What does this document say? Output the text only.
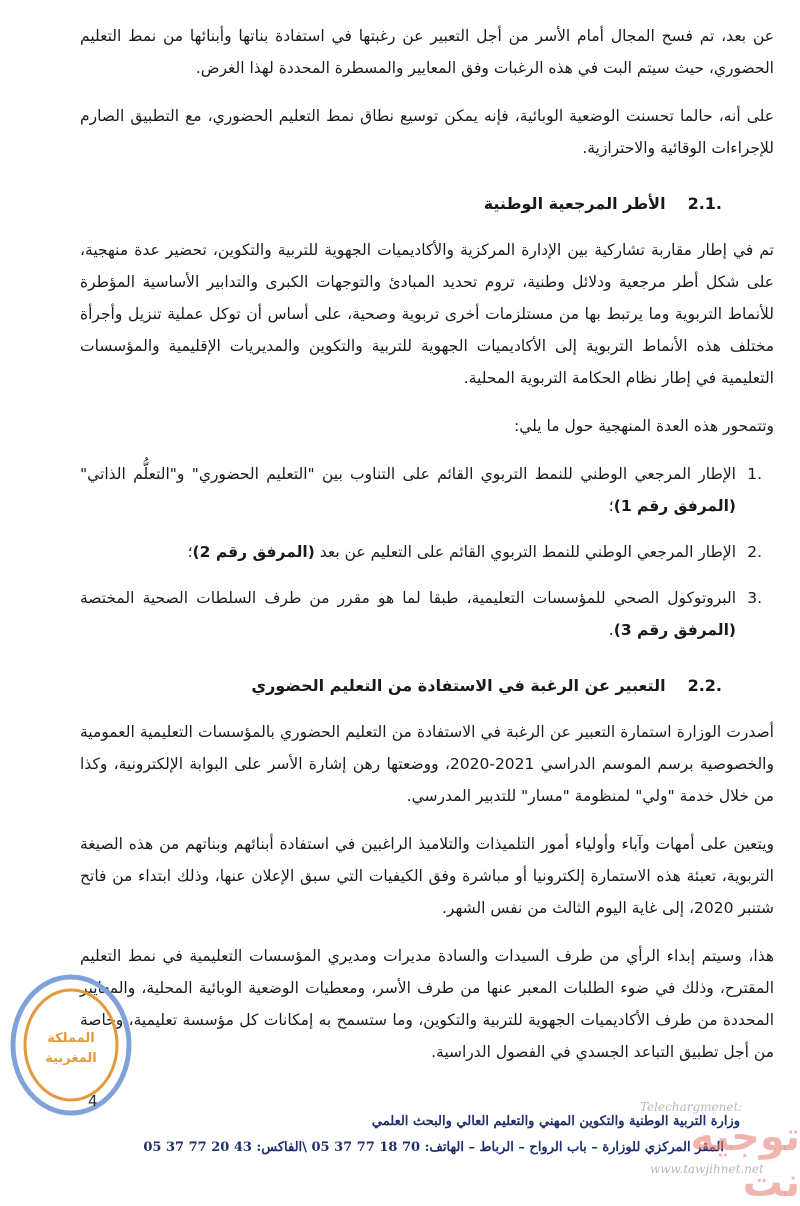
عن بعد، تم فسح المجال أمام الأسر من أجل التعبير عن رغبتها في استفادة بناتها وأبنائها من نمط التعليم الحضوري، حيث سيتم البت في هذه الرغبات وفق المعايير والمسطرة المحددة لهذا الغرض.

على أنه، حالما تحسنت الوضعية الوبائية، فإنه يمكن توسيع نطاق نمط التعليم الحضوري، مع التطبيق الصارم للإجراءات الوقائية والاحترازية.

.2.1
الأطر المرجعية الوطنية

تم في إطار مقاربة تشاركية بين الإدارة المركزية والأكاديميات الجهوية للتربية والتكوين، تحضير عدة منهجية، على شكل أطر مرجعية ودلائل وطنية، تروم تحديد المبادئ والتوجهات الكبرى والتدابير الأساسية المؤطرة للأنماط التربوية وما يرتبط بها من مستلزمات أخرى تربوية وصحية، على أساس أن توكل عملية تنزيل وأجرأة مختلف هذه الأنماط التربوية إلى الأكاديميات الجهوية للتربية والتكوين والمديريات الإقليمية والمؤسسات التعليمية في إطار نظام الحكامة التربوية المحلية.

وتتمحور هذه العدة المنهجية حول ما يلي:

.1
الإطار المرجعي الوطني للنمط التربوي القائم على التناوب بين "التعليم الحضوري" و"التعلُّم الذاتي" (المرفق رقم 1)؛
.2
الإطار المرجعي الوطني للنمط التربوي القائم على التعليم عن بعد (المرفق رقم 2)؛
.3
البروتوكول الصحي للمؤسسات التعليمية، طبقا لما هو مقرر من طرف السلطات الصحية المختصة (المرفق رقم 3).
.2.2
التعبير عن الرغبة في الاستفادة من التعليم الحضوري

أصدرت الوزارة استمارة التعبير عن الرغبة في الاستفادة من التعليم الحضوري بالمؤسسات التعليمية العمومية والخصوصية برسم الموسم الدراسي 2021-2020، ووضعتها رهن إشارة الأسر على البوابة الإلكترونية، وكذا من خلال خدمة "ولي" لمنظومة "مسار" للتدبير المدرسي.

ويتعين على أمهات وآباء وأولياء أمور التلميذات والتلاميذ الراغبين في استفادة أبنائهم وبناتهم من هذه الصيغة التربوية، تعبئة هذه الاستمارة إلكترونيا أو مباشرة وفق الكيفيات التي سبق الإعلان عنها، وذلك ابتداء من فاتح شتنبر 2020، إلى غاية اليوم الثالث من نفس الشهر.

هذا، وسيتم إبداء الرأي من طرف السيدات والسادة مديرات ومديري المؤسسات التعليمية في نمط التعليم المقترح، وذلك في ضوء الطلبات المعبر عنها من طرف الأسر، ومعطيات الوضعية الوبائية المحلية، والمعايير المحددة من طرف الأكاديميات الجهوية للتربية والتكوين، وما ستسمح به إمكانات كل مؤسسة تعليمية، وخاصة من أجل تطبيق التباعد الجسدي في الفصول الدراسية.

المملكة
المغربية
4
وزارة التربية الوطنية والتكوين المهني والتعليم العالي والبحث العلمي
المقر المركزي للوزارة – باب الرواح – الرباط – الهاتف: 70 18 77 37 05 \الفاكس: 43 20 77 37 05
Telechargmenet:
توجيه نت
www.tawjihnet.net
